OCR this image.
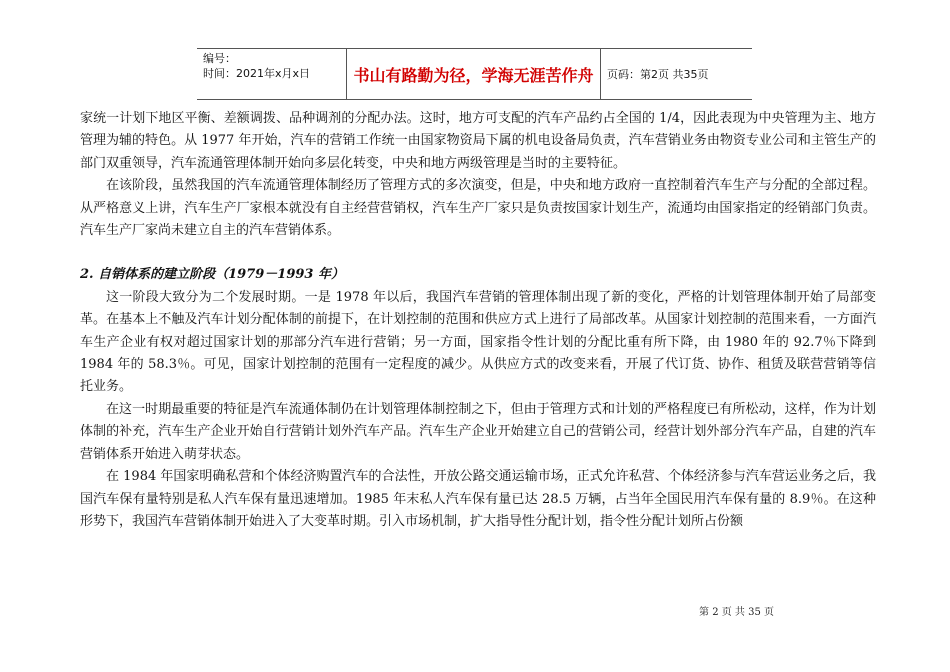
编号：
时间：2021年x月x日	书山有路勤为径，学海无涯苦作舟	页码：第2页 共35页

家统一计划下地区平衡、差额调拨、品种调剂的分配办法。这时，地方可支配的汽车产品约占全国的 1/4，因此表现为中央管理为主、地方管理为辅的特色。从 1977 年开始，汽车的营销工作统一由国家物资局下属的机电设备局负责，汽车营销业务由物资专业公司和主管生产的部门双重领导，汽车流通管理体制开始向多层化转变，中央和地方两级管理是当时的主要特征。

在该阶段，虽然我国的汽车流通管理体制经历了管理方式的多次演变，但是，中央和地方政府一直控制着汽车生产与分配的全部过程。从严格意义上讲，汽车生产厂家根本就没有自主经营营销权，汽车生产厂家只是负责按国家计划生产，流通均由国家指定的经销部门负责。汽车生产厂家尚未建立自主的汽车营销体系。

2. 自销体系的建立阶段（1979－1993 年）

这一阶段大致分为二个发展时期。一是 1978 年以后，我国汽车营销的管理体制出现了新的变化，严格的计划管理体制开始了局部变革。在基本上不触及汽车计划分配体制的前提下，在计划控制的范围和供应方式上进行了局部改革。从国家计划控制的范围来看，一方面汽车生产企业有权对超过国家计划的那部分汽车进行营销；另一方面，国家指令性计划的分配比重有所下降，由 1980 年的 92.7％下降到 1984 年的 58.3％。可见，国家计划控制的范围有一定程度的减少。从供应方式的改变来看，开展了代订货、协作、租赁及联营营销等信托业务。

在这一时期最重要的特征是汽车流通体制仍在计划管理体制控制之下，但由于管理方式和计划的严格程度已有所松动，这样，作为计划体制的补充，汽车生产企业开始自行营销计划外汽车产品。汽车生产企业开始建立自己的营销公司，经营计划外部分汽车产品，自建的汽车营销体系开始进入萌芽状态。

在 1984 年国家明确私营和个体经济购置汽车的合法性，开放公路交通运输市场，正式允许私营、个体经济参与汽车营运业务之后，我国汽车保有量特别是私人汽车保有量迅速增加。1985 年末私人汽车保有量已达 28.5 万辆，占当年全国民用汽车保有量的 8.9％。在这种形势下，我国汽车营销体制开始进入了大变革时期。引入市场机制，扩大指导性分配计划，指令性分配计划所占份额

第 2 页 共 35 页
